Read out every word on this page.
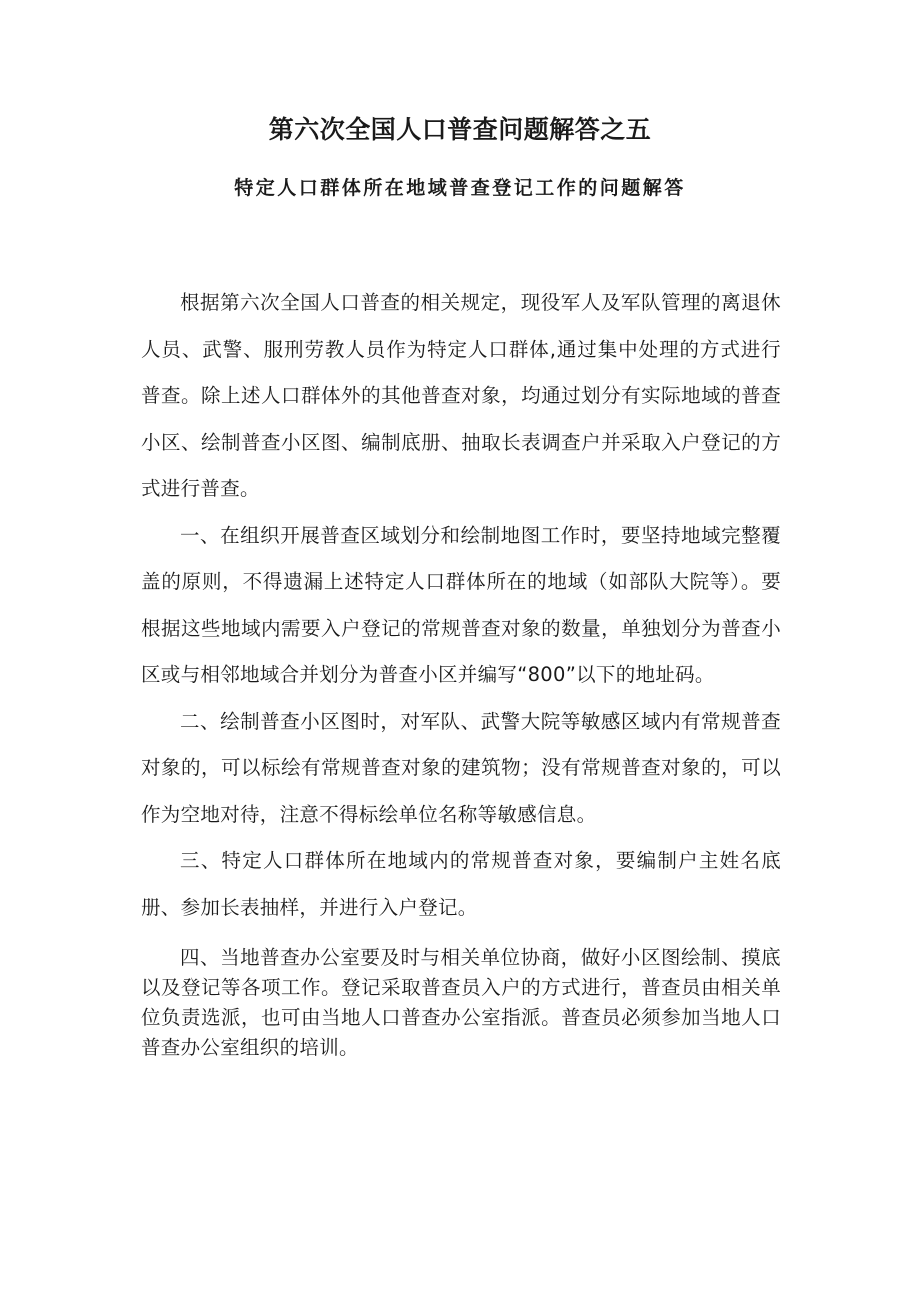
第六次全国人口普查问题解答之五
特定人口群体所在地域普查登记工作的问题解答

根据第六次全国人口普查的相关规定，现役军人及军队管理的离退休人员、武警、服刑劳教人员作为特定人口群体,通过集中处理的方式进行普查。除上述人口群体外的其他普查对象，均通过划分有实际地域的普查小区、绘制普查小区图、编制底册、抽取长表调查户并采取入户登记的方式进行普查。

一、在组织开展普查区域划分和绘制地图工作时，要坚持地域完整覆盖的原则，不得遗漏上述特定人口群体所在的地域（如部队大院等）。要根据这些地域内需要入户登记的常规普查对象的数量，单独划分为普查小区或与相邻地域合并划分为普查小区并编写“800”以下的地址码。

二、绘制普查小区图时，对军队、武警大院等敏感区域内有常规普查对象的，可以标绘有常规普查对象的建筑物；没有常规普查对象的，可以作为空地对待，注意不得标绘单位名称等敏感信息。

三、特定人口群体所在地域内的常规普查对象，要编制户主姓名底册、参加长表抽样，并进行入户登记。

四、当地普查办公室要及时与相关单位协商，做好小区图绘制、摸底以及登记等各项工作。登记采取普查员入户的方式进行，普查员由相关单位负责选派，也可由当地人口普查办公室指派。普查员必须参加当地人口普查办公室组织的培训。
